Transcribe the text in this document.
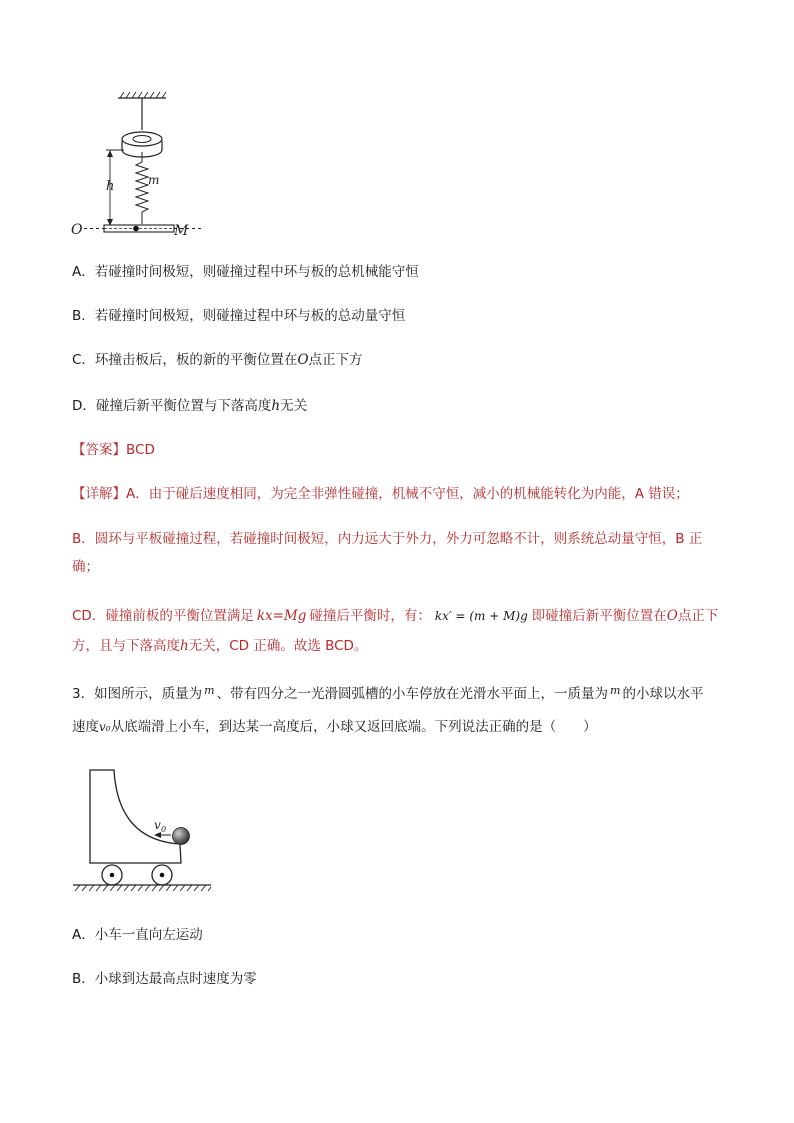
h	m
O	M
A．若碰撞时间极短，则碰撞过程中环与板的总机械能守恒
B．若碰撞时间极短，则碰撞过程中环与板的总动量守恒
C．环撞击板后，板的新的平衡位置在O点正下方
D．碰撞后新平衡位置与下落高度h无关
【答案】BCD
【详解】A．由于碰后速度相同，为完全非弹性碰撞，机械不守恒，减小的机械能转化为内能，A 错误；
B．圆环与平板碰撞过程，若碰撞时间极短，内力远大于外力，外力可忽略不计，则系统总动量守恒，B 正
确；
CD．碰撞前板的平衡位置满足 kx=Mg 碰撞后平衡时，有： kx′ = (m + M)g 即碰撞后新平衡位置在O点正下
方，且与下落高度h无关，CD 正确。故选 BCD。
3．如图所示，质量为 $^m$ 、带有四分之一光滑圆弧槽的小车停放在光滑水平面上，一质量为 $^m$ 的小球以水平
速度v₀从底端滑上小车，到达某一高度后，小球又返回底端。下列说法正确的是（　　）
v 0
A．小车一直向左运动
B．小球到达最高点时速度为零
